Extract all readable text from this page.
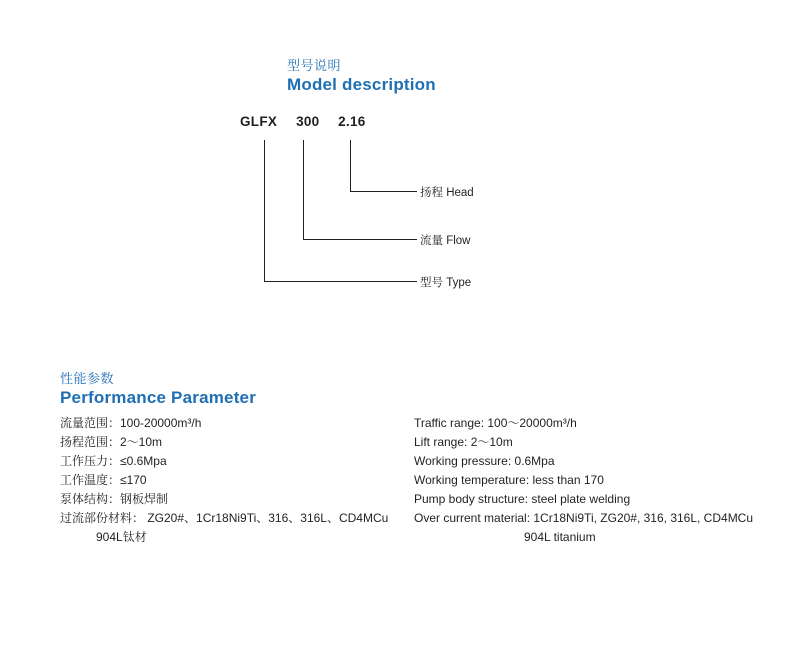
型号说明
Model description
GLFX 300 2.16
扬程 Head
流量 Flow
型号 Type
性能参数
Performance Parameter
流量范围：100-20000m³/h
扬程范围：2～10m
工作压力：≤0.6Mpa
工作温度：≤170
泵体结构：钢板焊制
过流部份材料： ZG20#、1Cr18Ni9Ti、316、316L、CD4MCu
904L钛材
Traffic range: 100～20000m³/h
Lift range: 2～10m
Working pressure: 0.6Mpa
Working temperature: less than 170
Pump body structure: steel plate welding
Over current material: 1Cr18Ni9Ti, ZG20#, 316, 316L, CD4MCu
904L titanium
